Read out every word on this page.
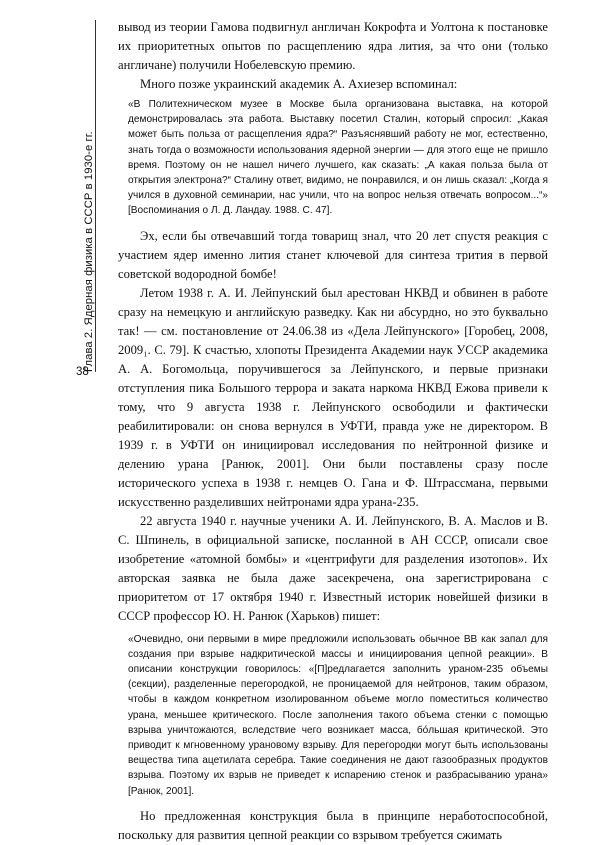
Глава 2. Ядерная физика в СССР в 1930-е гг.
38

вывод из теории Гамова подвигнул англичан Кокрофта и Уолтона к постановке их приоритетных опытов по расщеплению ядра лития, за что они (только англичане) получили Нобелевскую премию.

Много позже украинский академик А. Ахиезер вспоминал:

«В Политехническом музее в Москве была организована выставка, на которой демонстрировалась эта работа. Выставку посетил Сталин, который спросил: „Какая может быть польза от расщепления ядра?“ Разъяснявший работу не мог, естественно, знать тогда о возможности использования ядерной энергии — для этого еще не пришло время. Поэтому он не нашел ничего лучшего, как сказать: „А какая польза была от открытия электрона?“ Сталину ответ, видимо, не понравился, и он лишь сказал: „Когда я учился в духовной семинарии, нас учили, что на вопрос нельзя отвечать вопросом...“» [Воспоминания о Л. Д. Ландау. 1988. С. 47].

Эх, если бы отвечавший тогда товарищ знал, что 20 лет спустя реакция с участием ядер именно лития станет ключевой для синтеза трития в первой советской водородной бомбе!

Летом 1938 г. А. И. Лейпунский был арестован НКВД и обвинен в работе сразу на немецкую и английскую разведку. Как ни абсурдно, но это буквально так! — см. постановление от 24.06.38 из «Дела Лейпунского» [Горобец, 2008, 2009₁. С. 79]. К счастью, хлопоты Президента Академии наук УССР академика А. А. Богомольца, поручившегося за Лейпунского, и первые признаки отступления пика Большого террора и заката наркома НКВД Ежова привели к тому, что 9 августа 1938 г. Лейпунского освободили и фактически реабилитировали: он снова вернулся в УФТИ, правда уже не директором. В 1939 г. в УФТИ он инициировал исследования по нейтронной физике и делению урана [Ранюк, 2001]. Они были поставлены сразу после исторического успеха в 1938 г. немцев О. Гана и Ф. Штрассмана, первыми искусственно разделивших нейтронами ядра урана-235.

22 августа 1940 г. научные ученики А. И. Лейпунского, В. А. Маслов и В. С. Шпинель, в официальной записке, посланной в АН СССР, описали свое изобретение «атомной бомбы» и «центрифуги для разделения изотопов». Их авторская заявка не была даже засекречена, она зарегистрирована с приоритетом от 17 октября 1940 г. Известный историк новейшей физики в СССР профессор Ю. Н. Ранюк (Харьков) пишет:

«Очевидно, они первыми в мире предложили использовать обычное ВВ как запал для создания при взрыве надкритической массы и инициирования цепной реакции». В описании конструкции говорилось: «[П]редлагается заполнить ураном-235 объемы (секции), разделенные перегородкой, не проницаемой для нейтронов, таким образом, чтобы в каждом конкретном изолированном объеме могло поместиться количество урана, меньшее критического. После заполнения такого объема стенки с помощью взрыва уничтожаются, вследствие чего возникает масса, бо́льшая критической. Это приводит к мгновенному урановому взрыву. Для перегородки могут быть использованы вещества типа ацетилата серебра. Такие соединения не дают газообразных продуктов взрыва. Поэтому их взрыв не приведет к испарению стенок и разбрасыванию урана» [Ранюк, 2001].

Но предложенная конструкция была в принципе неработоспособной, поскольку для развития цепной реакции со взрывом требуется сжимать
